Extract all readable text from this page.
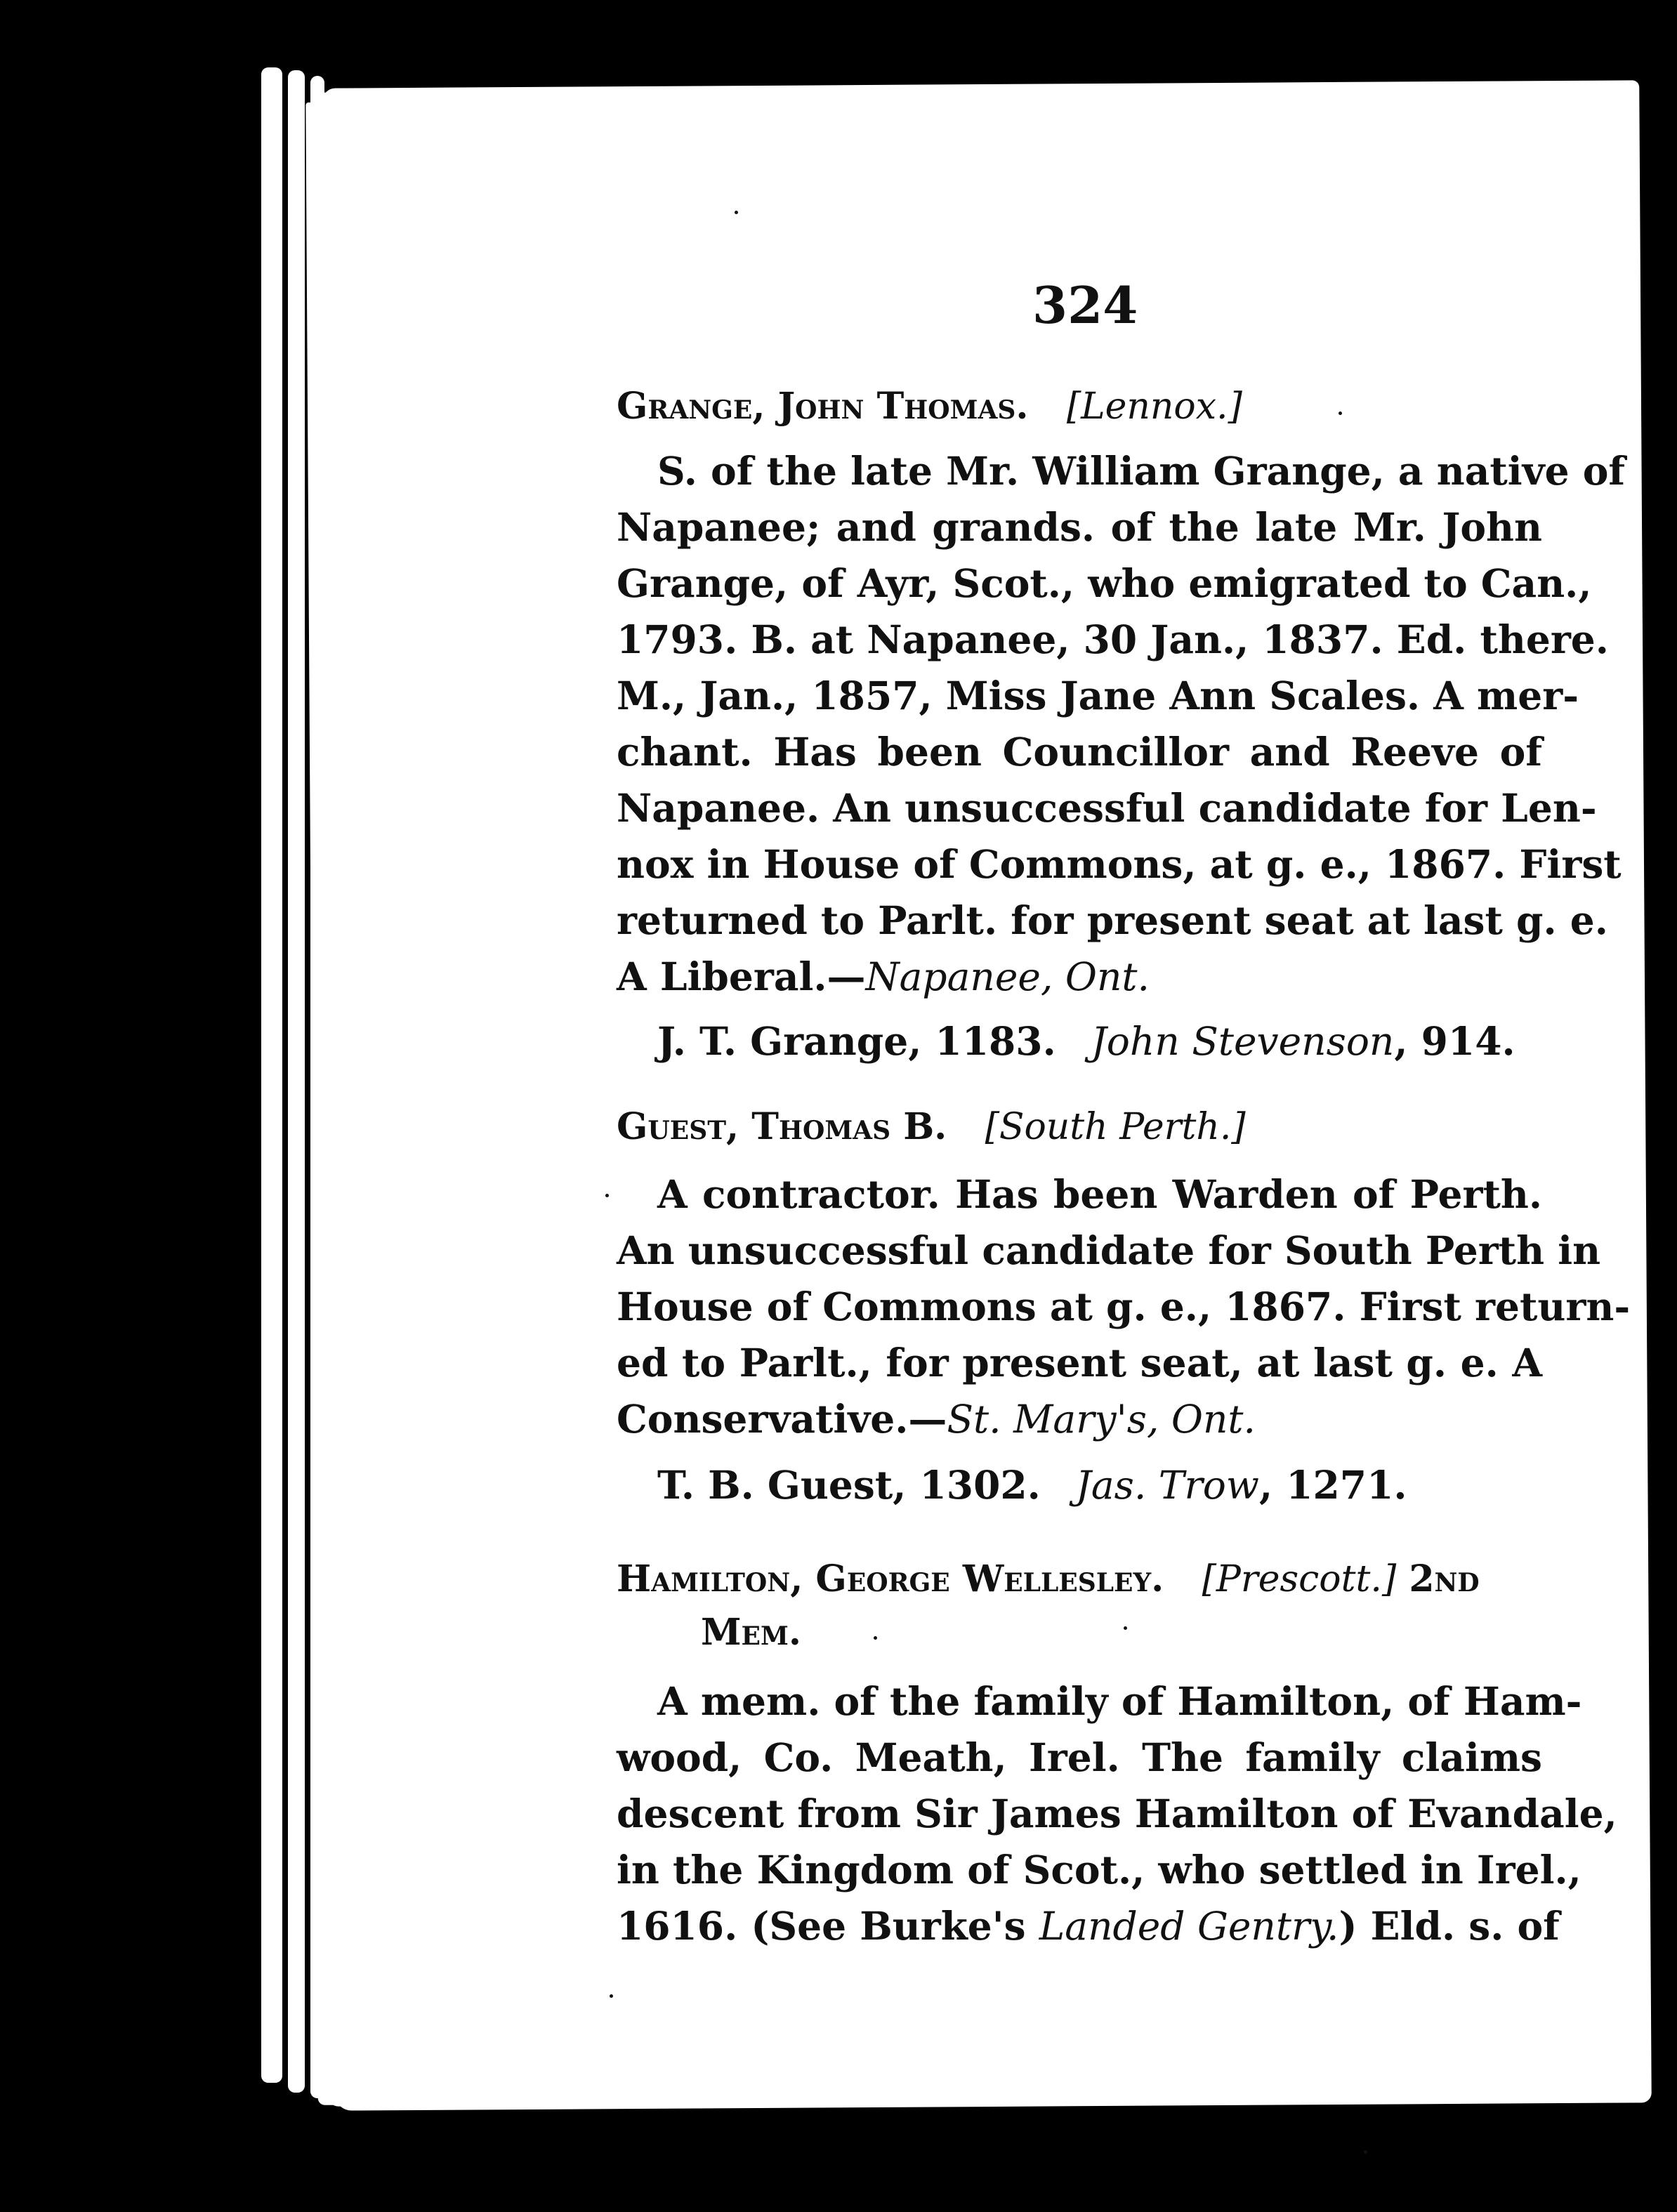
324
Grange, John Thomas.   [Lennox.]
S. of the late Mr. William Grange, a native of
Napanee; and grands. of the late Mr. John
Grange, of Ayr, Scot., who emigrated to Can.,
1793. B. at Napanee, 30 Jan., 1837. Ed. there.
M., Jan., 1857, Miss Jane Ann Scales. A mer-
chant. Has been Councillor and Reeve of
Napanee. An unsuccessful candidate for Len-
nox in House of Commons, at g. e., 1867. First
returned to Parlt. for present seat at last g. e.
A Liberal.—Napanee, Ont.
J. T. Grange, 1183. John Stevenson, 914.
Guest, Thomas B. [South Perth.]
A contractor. Has been Warden of Perth.
An unsuccessful candidate for South Perth in
House of Commons at g. e., 1867. First return-
ed to Parlt., for present seat, at last g. e. A
Conservative.—St. Mary's, Ont.
T. B. Guest, 1302. Jas. Trow, 1271.
Hamilton, George Wellesley.   [Prescott.] 2nd
Mem.
A mem. of the family of Hamilton, of Ham-
wood, Co. Meath, Irel. The family claims
descent from Sir James Hamilton of Evandale,
in the Kingdom of Scot., who settled in Irel.,
1616. (See Burke's Landed Gentry.) Eld. s. of
